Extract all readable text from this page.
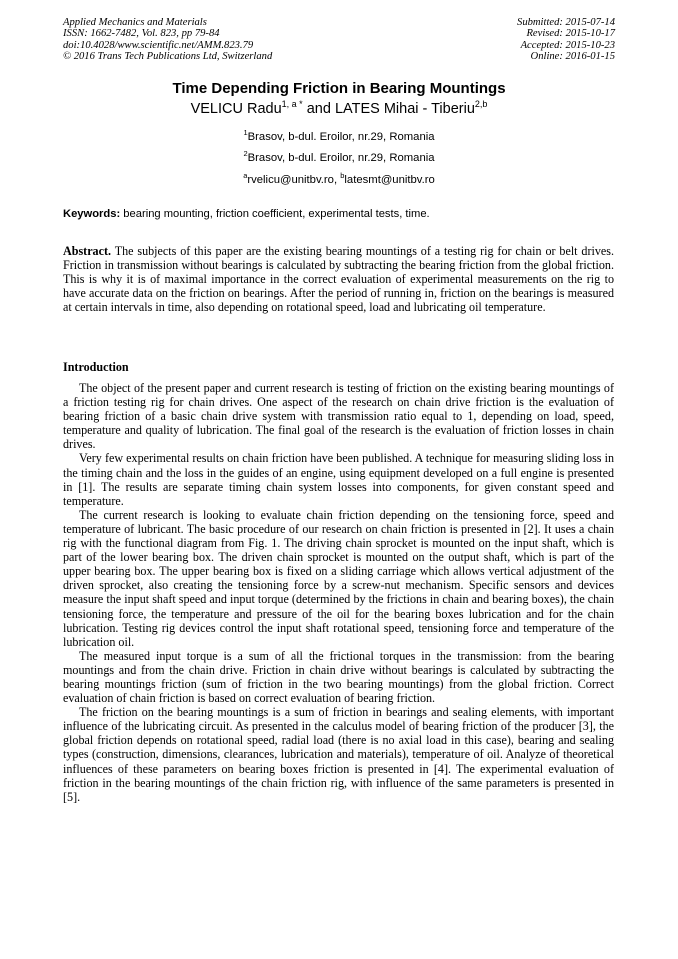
Applied Mechanics and Materials
ISSN: 1662-7482, Vol. 823, pp 79-84
doi:10.4028/www.scientific.net/AMM.823.79
© 2016 Trans Tech Publications Ltd, Switzerland
Submitted: 2015-07-14
Revised: 2015-10-17
Accepted: 2015-10-23
Online: 2016-01-15
Time Depending Friction in Bearing Mountings
VELICU Radu$^{1, a *}$ and LATES Mihai - Tiberiu$^{2,b}$
$^1$Brasov, b-dul. Eroilor, nr.29, Romania
$^2$Brasov, b-dul. Eroilor, nr.29, Romania
$^a$rvelicu@unitbv.ro, $^b$latesmt@unitbv.ro
Keywords: bearing mounting, friction coefficient, experimental tests, time.

Abstract. The subjects of this paper are the existing bearing mountings of a testing rig for chain or belt drives. Friction in transmission without bearings is calculated by subtracting the bearing friction from the global friction. This is why it is of maximal importance in the correct evaluation of experimental measurements on the rig to have accurate data on the friction on bearings. After the period of running in, friction on the bearings is measured at certain intervals in time, also depending on rotational speed, load and lubricating oil temperature.

Introduction

The object of the present paper and current research is testing of friction on the existing bearing mountings of a friction testing rig for chain drives. One aspect of the research on chain drive friction is the evaluation of bearing friction of a basic chain drive system with transmission ratio equal to 1, depending on load, speed, temperature and quality of lubrication. The final goal of the research is the evaluation of friction losses in chain drives.

Very few experimental results on chain friction have been published. A technique for measuring sliding loss in the timing chain and the loss in the guides of an engine, using equipment developed on a full engine is presented in [1]. The results are separate timing chain system losses into components, for given constant speed and temperature.

The current research is looking to evaluate chain friction depending on the tensioning force, speed and temperature of lubricant. The basic procedure of our research on chain friction is presented in [2]. It uses a chain rig with the functional diagram from Fig. 1. The driving chain sprocket is mounted on the input shaft, which is part of the lower bearing box. The driven chain sprocket is mounted on the output shaft, which is part of the upper bearing box. The upper bearing box is fixed on a sliding carriage which allows vertical adjustment of the driven sprocket, also creating the tensioning force by a screw-nut mechanism. Specific sensors and devices measure the input shaft speed and input torque (determined by the frictions in chain and bearing boxes), the chain tensioning force, the temperature and pressure of the oil for the bearing boxes lubrication and for the chain lubrication. Testing rig devices control the input shaft rotational speed, tensioning force and temperature of the lubrication oil.

The measured input torque is a sum of all the frictional torques in the transmission: from the bearing mountings and from the chain drive. Friction in chain drive without bearings is calculated by subtracting the bearing mountings friction (sum of friction in the two bearing mountings) from the global friction. Correct evaluation of chain friction is based on correct evaluation of bearing friction.

The friction on the bearing mountings is a sum of friction in bearings and sealing elements, with important influence of the lubricating circuit. As presented in the calculus model of bearing friction of the producer [3], the global friction depends on rotational speed, radial load (there is no axial load in this case), bearing and sealing types (construction, dimensions, clearances, lubrication and materials), temperature of oil. Analyze of theoretical influences of these parameters on bearing boxes friction is presented in [4]. The experimental evaluation of friction in the bearing mountings of the chain friction rig, with influence of the same parameters is presented in [5].
